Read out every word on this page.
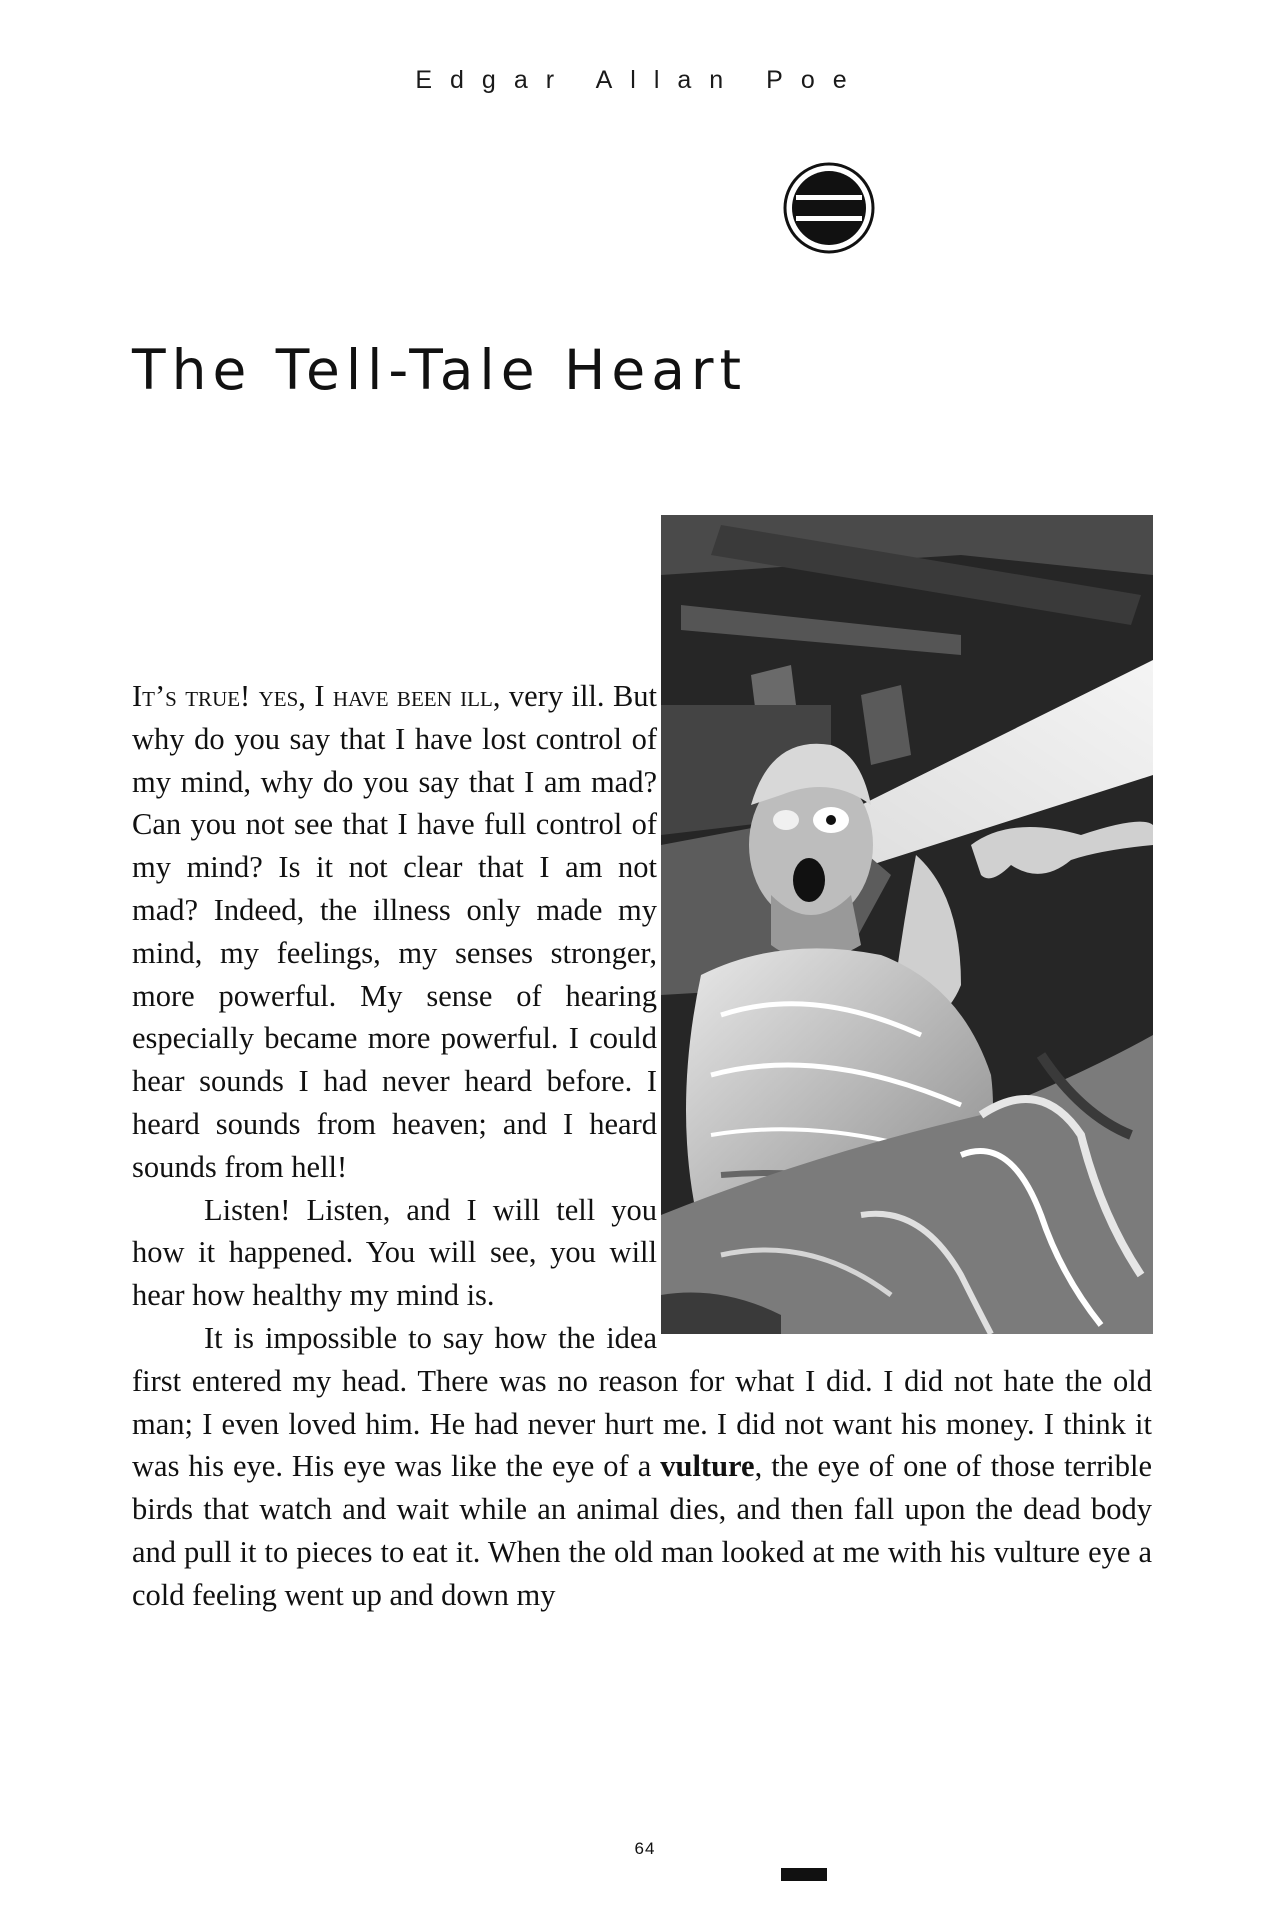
Edgar Allan Poe
The Tell-Tale Heart

It’s true! yes, I have been ill, very ill. But why do you say that I have lost control of my mind, why do you say that I am mad? Can you not see that I have full control of my mind? Is it not clear that I am not mad? Indeed, the illness only made my mind, my feelings, my senses stronger, more powerful. My sense of hearing especially became more powerful. I could hear sounds I had never heard before. I heard sounds from heaven; and I heard sounds from hell!

Listen! Listen, and I will tell you how it happened. You will see, you will hear how healthy my mind is.

It is impossible to say how the idea first entered my head. There was no reason for what I did. I did not hate the old man; I even loved him. He had never hurt me. I did not want his money. I think it was his eye. His eye was like the eye of a vulture, the eye of one of those terrible birds that watch and wait while an animal dies, and then fall upon the dead body and pull it to pieces to eat it. When the old man looked at me with his vulture eye a cold feeling went up and down my

64
